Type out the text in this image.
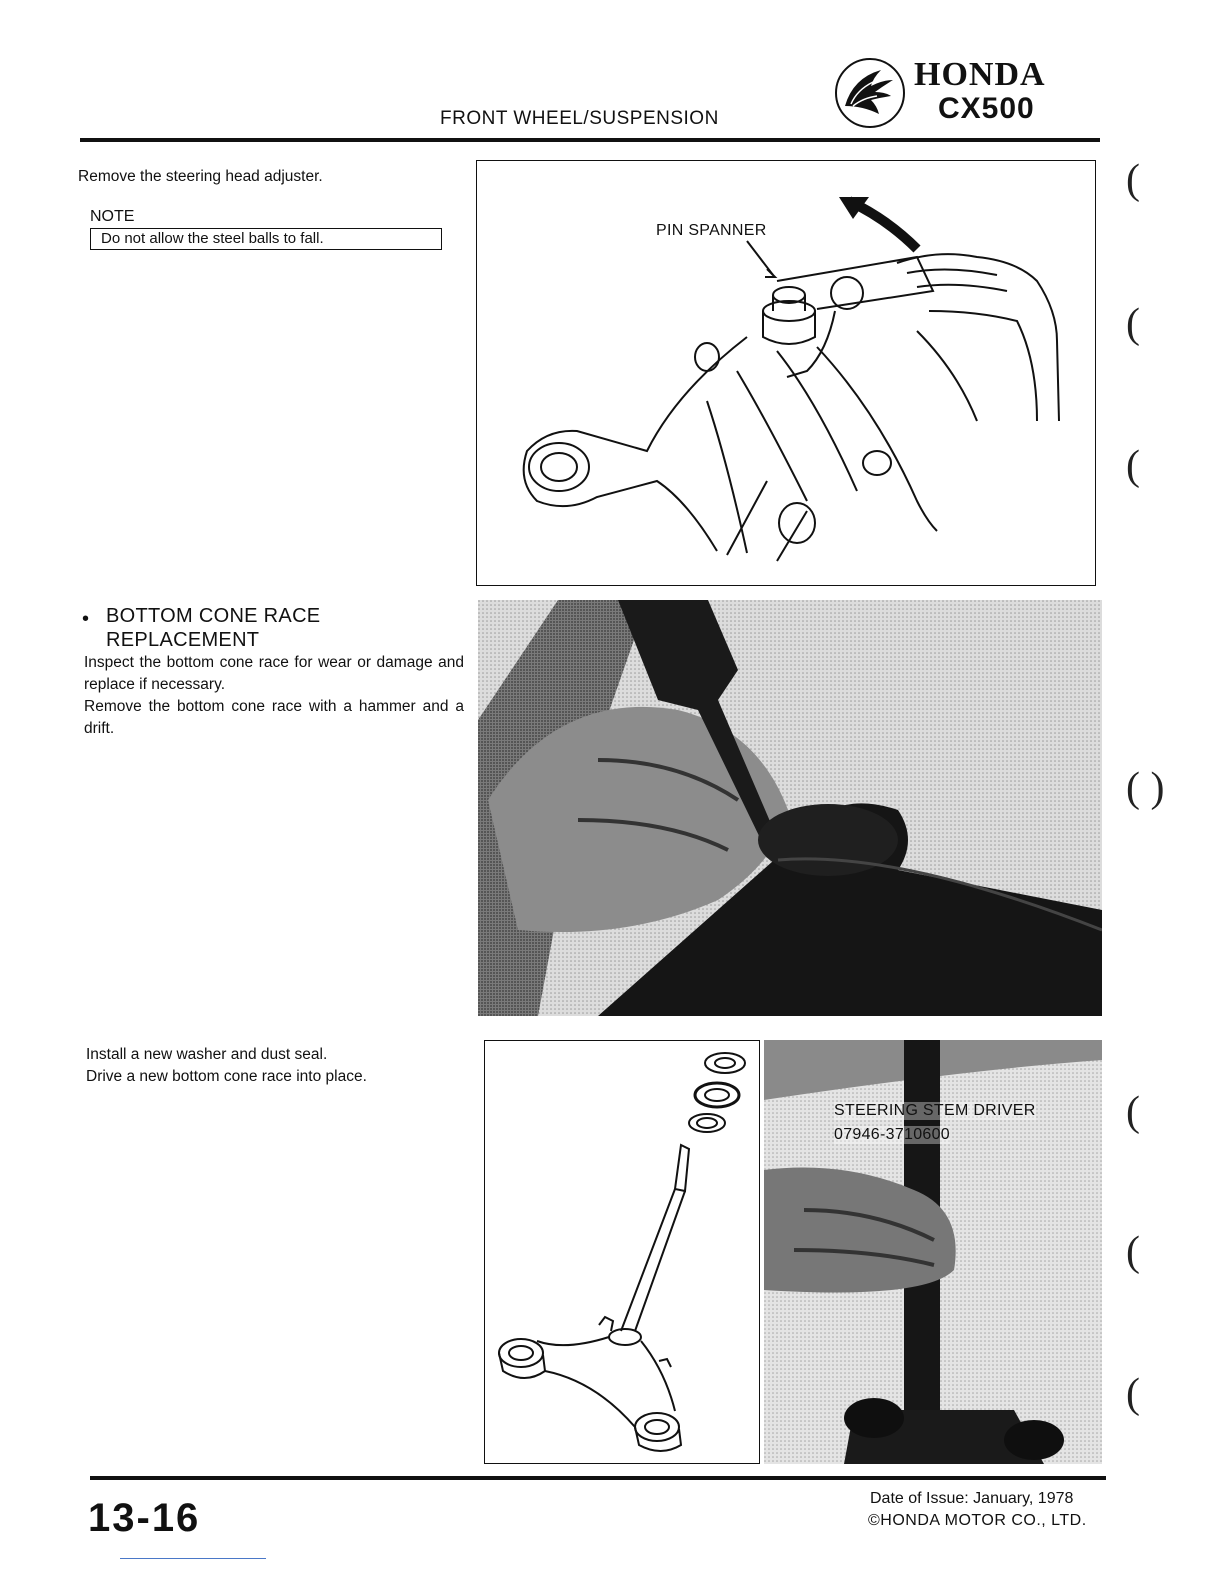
FRONT WHEEL/SUSPENSION
HONDA
CX500
Remove the steering head adjuster.
NOTE
Do not allow the steel balls to fall.	PIN SPANNER
• BOTTOM CONE RACE REPLACEMENT
Inspect the bottom cone race for wear or damage and replace if necessary.
Remove the bottom cone race with a hammer and a drift.
Install a new washer and dust seal.
Drive a new bottom cone race into place.
STEERING STEM DRIVER
07946-3710600
(
(
(
( )
(
(
(
13-16	Date of Issue: January, 1978
©HONDA MOTOR CO., LTD.
